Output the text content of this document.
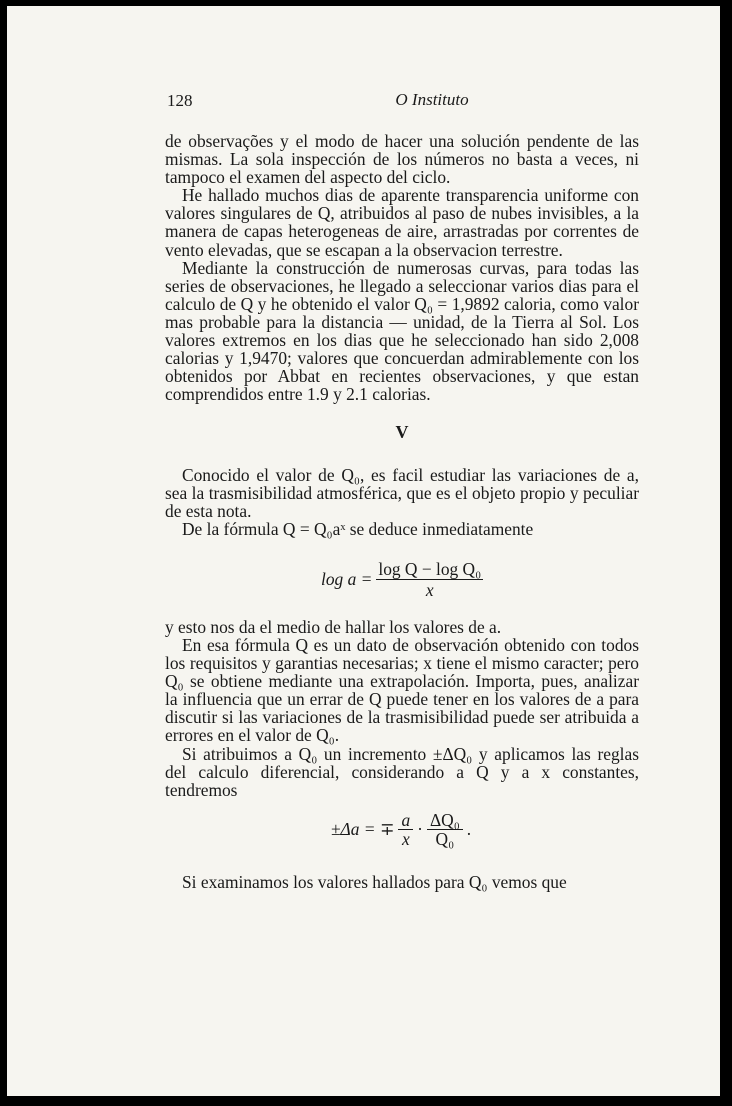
128	O Instituto

de observações y el modo de hacer una solución pendente de las mismas. La sola inspección de los números no basta a veces, ni tampoco el examen del aspecto del ciclo.

He hallado muchos dias de aparente transparencia uniforme con valores singulares de Q, atribuidos al paso de nubes invisibles, a la manera de capas heterogeneas de aire, arrastradas por correntes de vento elevadas, que se escapan a la observacion terrestre.

Mediante la construcción de numerosas curvas, para todas las series de observaciones, he llegado a seleccionar varios dias para el calculo de Q y he obtenido el valor Q₀ = 1,9892 caloria, como valor mas probable para la distancia — unidad, de la Tierra al Sol. Los valores extremos en los dias que he seleccionado han sido 2,008 calorias y 1,9470; valores que concuerdan admirablemente con los obtenidos por Abbat en recientes observaciones, y que estan comprendidos entre 1.9 y 2.1 calorias.

V

Conocido el valor de Q₀, es facil estudiar las variaciones de a, sea la trasmisibilidad atmosférica, que es el objeto propio y peculiar de esta nota.

De la fórmula Q = Q₀aˣ se deduce inmediatamente

$\log a = \frac{\text{log Q − log Q₀}}{x}$

y esto nos da el medio de hallar los valores de a.

En esa fórmula Q es un dato de observación obtenido con todos los requisitos y garantias necesarias; x tiene el mismo caracter; pero Q₀ se obtiene mediante una extrapolación. Importa, pues, analizar la influencia que un errar de Q puede tener en los valores de a para discutir si las variaciones de la trasmisibilidad puede ser atribuida a errores en el valor de Q₀.

Si atribuimos a Q₀ un incremento ±ΔQ₀ y aplicamos las reglas del calculo diferencial, considerando a Q y a x constantes, tendremos

±Δa = ∓ $\frac{a}{x} \cdot \frac{\text{ΔQ₀}}{\text{Q₀}}$ .

Si examinamos los valores hallados para Q₀ vemos que
